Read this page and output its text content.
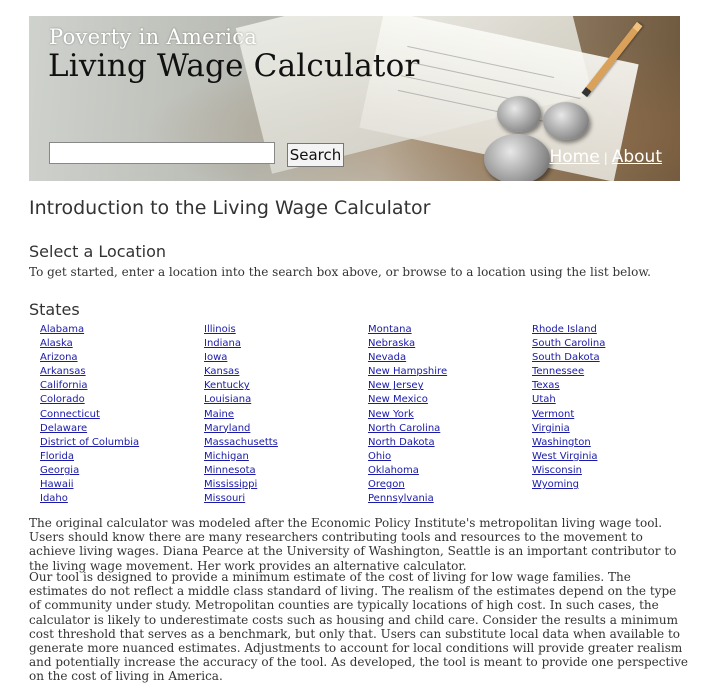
Poverty in America
Living Wage Calculator
Search	Home | About
Introduction to the Living Wage Calculator
Select a Location

To get started, enter a location into the search box above, or browse to a location using the list below.

States
Alabama
Alaska
Arizona
Arkansas
California
Colorado
Connecticut
Delaware
District of Columbia
Florida
Georgia
Hawaii
Idaho
Illinois
Indiana
Iowa
Kansas
Kentucky
Louisiana
Maine
Maryland
Massachusetts
Michigan
Minnesota
Mississippi
Missouri
Montana
Nebraska
Nevada
New Hampshire
New Jersey
New Mexico
New York
North Carolina
North Dakota
Ohio
Oklahoma
Oregon
Pennsylvania
Rhode Island
South Carolina
South Dakota
Tennessee
Texas
Utah
Vermont
Virginia
Washington
West Virginia
Wisconsin
Wyoming

The original calculator was modeled after the Economic Policy Institute's metropolitan living wage tool. Users should know there are many researchers contributing tools and resources to the movement to achieve living wages. Diana Pearce at the University of Washington, Seattle is an important contributor to the living wage movement. Her work provides an alternative calculator.

Our tool is designed to provide a minimum estimate of the cost of living for low wage families. The estimates do not reflect a middle class standard of living. The realism of the estimates depend on the type of community under study. Metropolitan counties are typically locations of high cost. In such cases, the calculator is likely to underestimate costs such as housing and child care. Consider the results a minimum cost threshold that serves as a benchmark, but only that. Users can substitute local data when available to generate more nuanced estimates. Adjustments to account for local conditions will provide greater realism and potentially increase the accuracy of the tool. As developed, the tool is meant to provide one perspective on the cost of living in America.
